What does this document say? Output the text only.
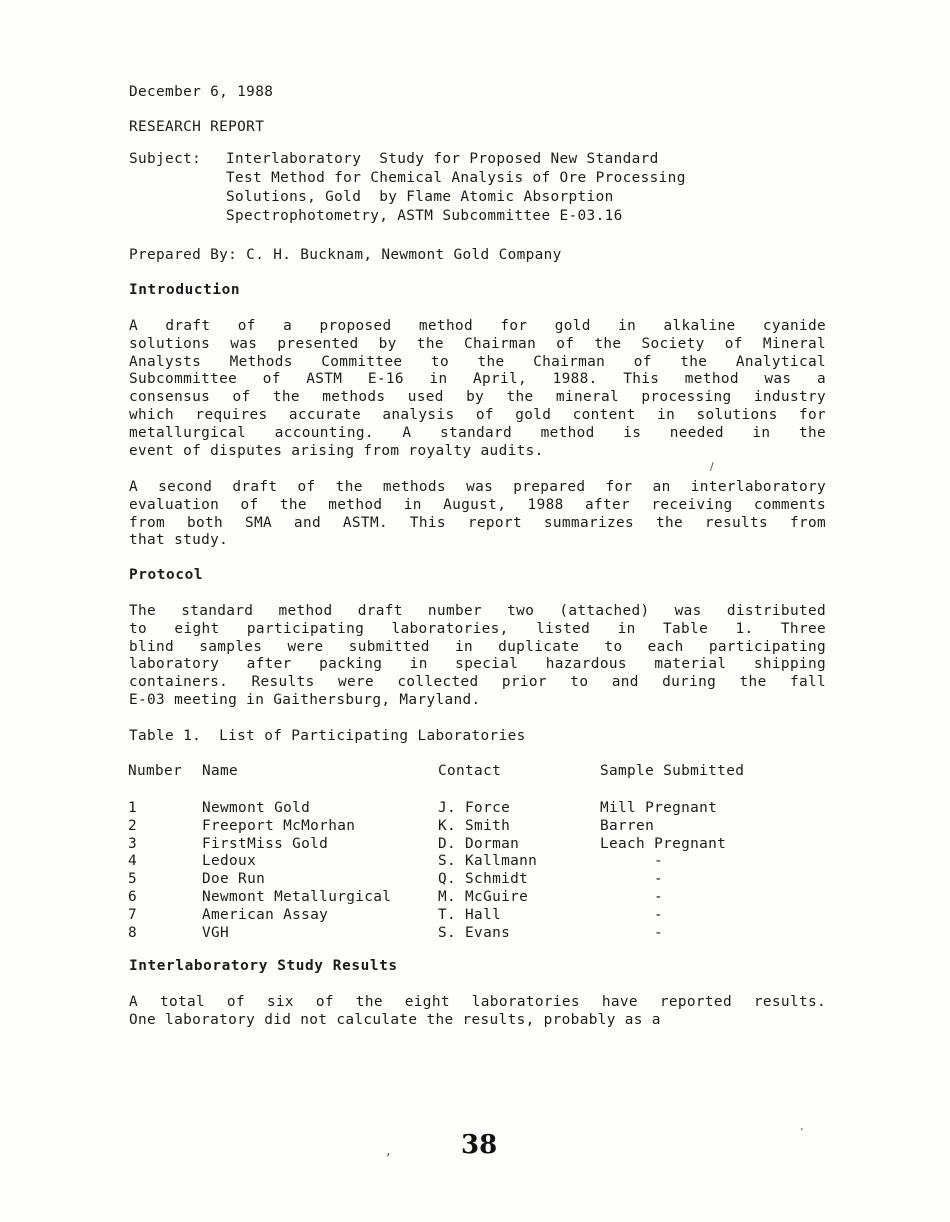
December 6, 1988
RESEARCH REPORT
Subject: Interlaboratory  Study for Proposed New Standard
Test Method for Chemical Analysis of Ore Processing
Solutions, Gold  by Flame Atomic Absorption
Spectrophotometry, ASTM Subcommittee E-03.16
Prepared By: C. H. Bucknam, Newmont Gold Company
Introduction
A draft of a proposed method for gold in alkaline cyanide
solutions was presented by the Chairman of the Society of Mineral
Analysts Methods Committee to the Chairman of the Analytical
Subcommittee of ASTM E-16 in April, 1988. This method was a
consensus of the methods used by the mineral processing industry
which requires accurate analysis of gold content in solutions for
metallurgical accounting. A standard method is needed in the
event of disputes arising from royalty audits.
A second draft of the methods was prepared for an interlaboratory
evaluation of the method in August, 1988 after receiving comments
from both SMA and ASTM. This report summarizes the results from
that study.
Protocol
The standard method draft number two (attached) was distributed
to eight participating laboratories, listed in Table 1. Three
blind samples were submitted in duplicate to each participating
laboratory after packing in special hazardous material shipping
containers. Results were collected prior to and during the fall
E-03 meeting in Gaithersburg, Maryland.
Table 1.  List of Participating Laboratories
Number Name	Contact	Sample Submitted
1	Newmont Gold	J. Force	Mill Pregnant
2	Freeport McMorhan	K. Smith	Barren
3	FirstMiss Gold	D. Dorman	Leach Pregnant
4	Ledoux	S. Kallmann	-
5	Doe Run	Q. Schmidt	-
6	Newmont Metallurgical	M. McGuire	-
7	American Assay	T. Hall	-
8	VGH	S. Evans	-
Interlaboratory Study Results
A total of six of the eight laboratories have reported results.
One laboratory did not calculate the results, probably as a
38
‚
’
/
